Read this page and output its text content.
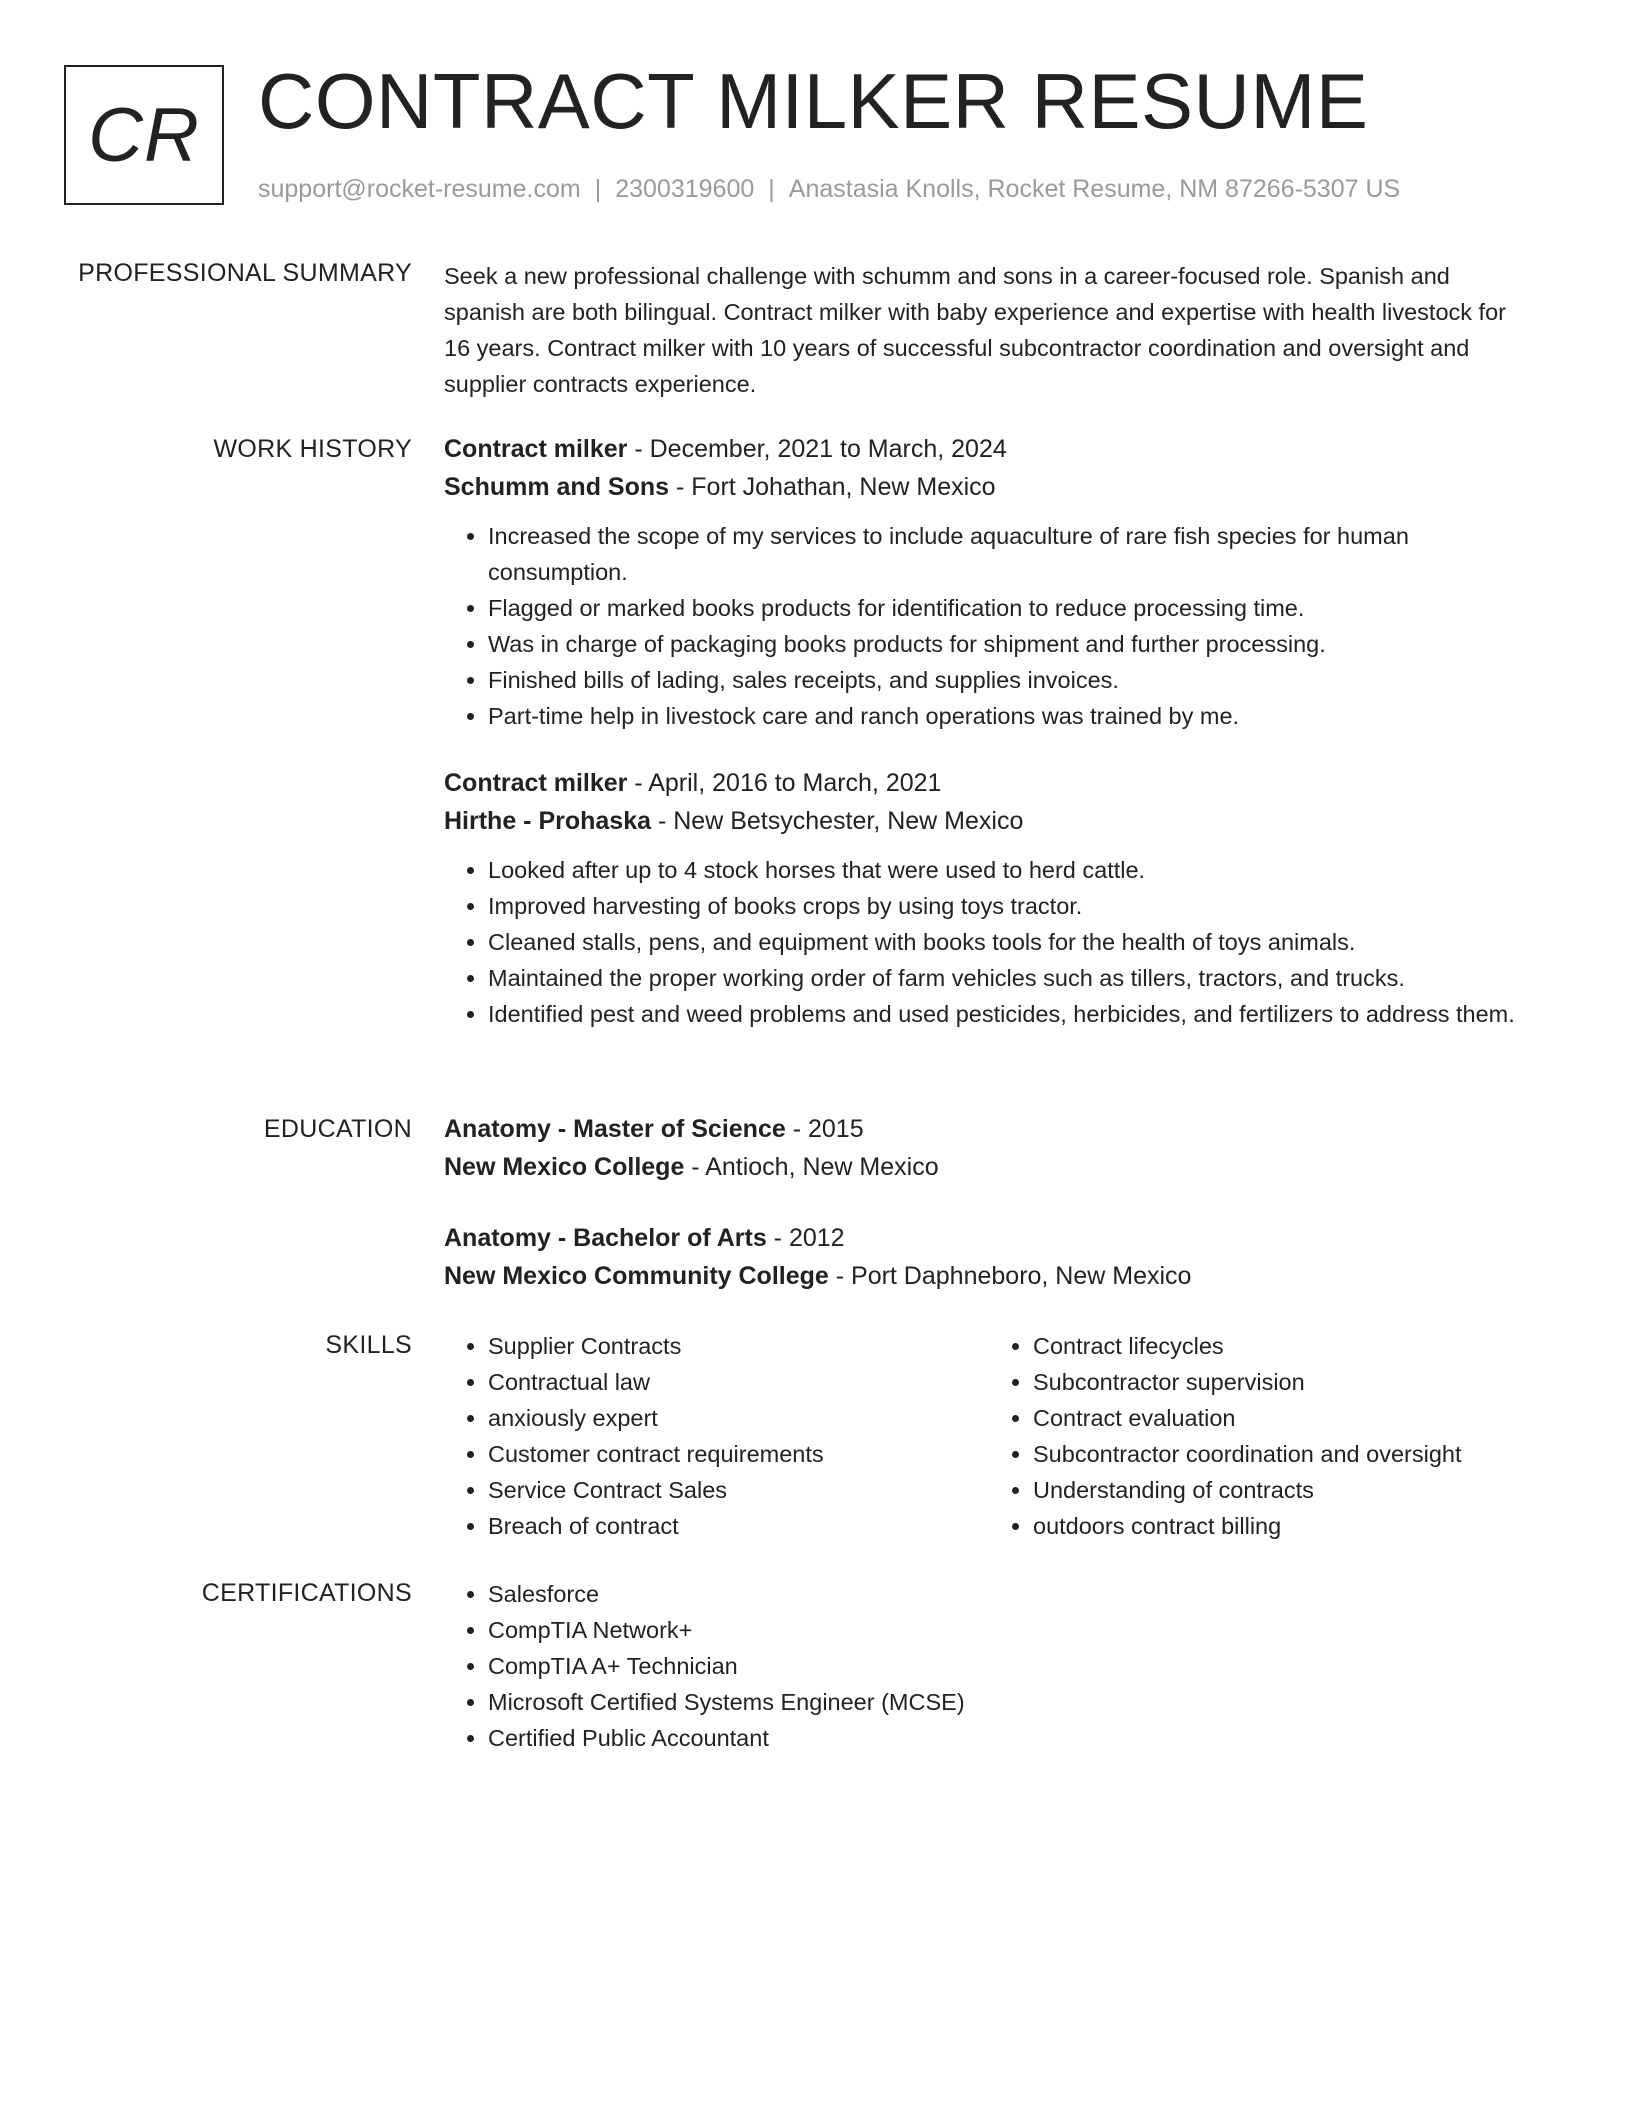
CR CONTRACT MILKER RESUME
support@rocket-resume.com | 2300319600 | Anastasia Knolls, Rocket Resume, NM 87266-5307 US
PROFESSIONAL SUMMARY Seek a new professional challenge with schumm and sons in a career-focused role. Spanish and spanish are both bilingual. Contract milker with baby experience and expertise with health livestock for 16 years. Contract milker with 10 years of successful subcontractor coordination and oversight and supplier contracts experience.

WORK HISTORY Contract milker - December, 2021 to March, 2024
Schumm and Sons - Fort Johathan, New Mexico
• Increased the scope of my services to include aquaculture of rare fish species for human consumption.
• Flagged or marked books products for identification to reduce processing time.
• Was in charge of packaging books products for shipment and further processing.
• Finished bills of lading, sales receipts, and supplies invoices.
• Part-time help in livestock care and ranch operations was trained by me.
Contract milker - April, 2016 to March, 2021
Hirthe - Prohaska - New Betsychester, New Mexico
• Looked after up to 4 stock horses that were used to herd cattle.
• Improved harvesting of books crops by using toys tractor.
• Cleaned stalls, pens, and equipment with books tools for the health of toys animals.
• Maintained the proper working order of farm vehicles such as tillers, tractors, and trucks.
• Identified pest and weed problems and used pesticides, herbicides, and fertilizers to address them.
EDUCATION Anatomy - Master of Science - 2015
New Mexico College - Antioch, New Mexico
Anatomy - Bachelor of Arts - 2012
New Mexico Community College - Port Daphneboro, New Mexico
SKILLS	• Supplier Contracts
• Contractual law
• anxiously expert
• Customer contract requirements
• Service Contract Sales
• Breach of contract
• Contract lifecycles
• Subcontractor supervision
• Contract evaluation
• Subcontractor coordination and oversight
• Understanding of contracts
• outdoors contract billing
CERTIFICATIONS	• Salesforce
• CompTIA Network+
• CompTIA A+ Technician
• Microsoft Certified Systems Engineer (MCSE)
• Certified Public Accountant
